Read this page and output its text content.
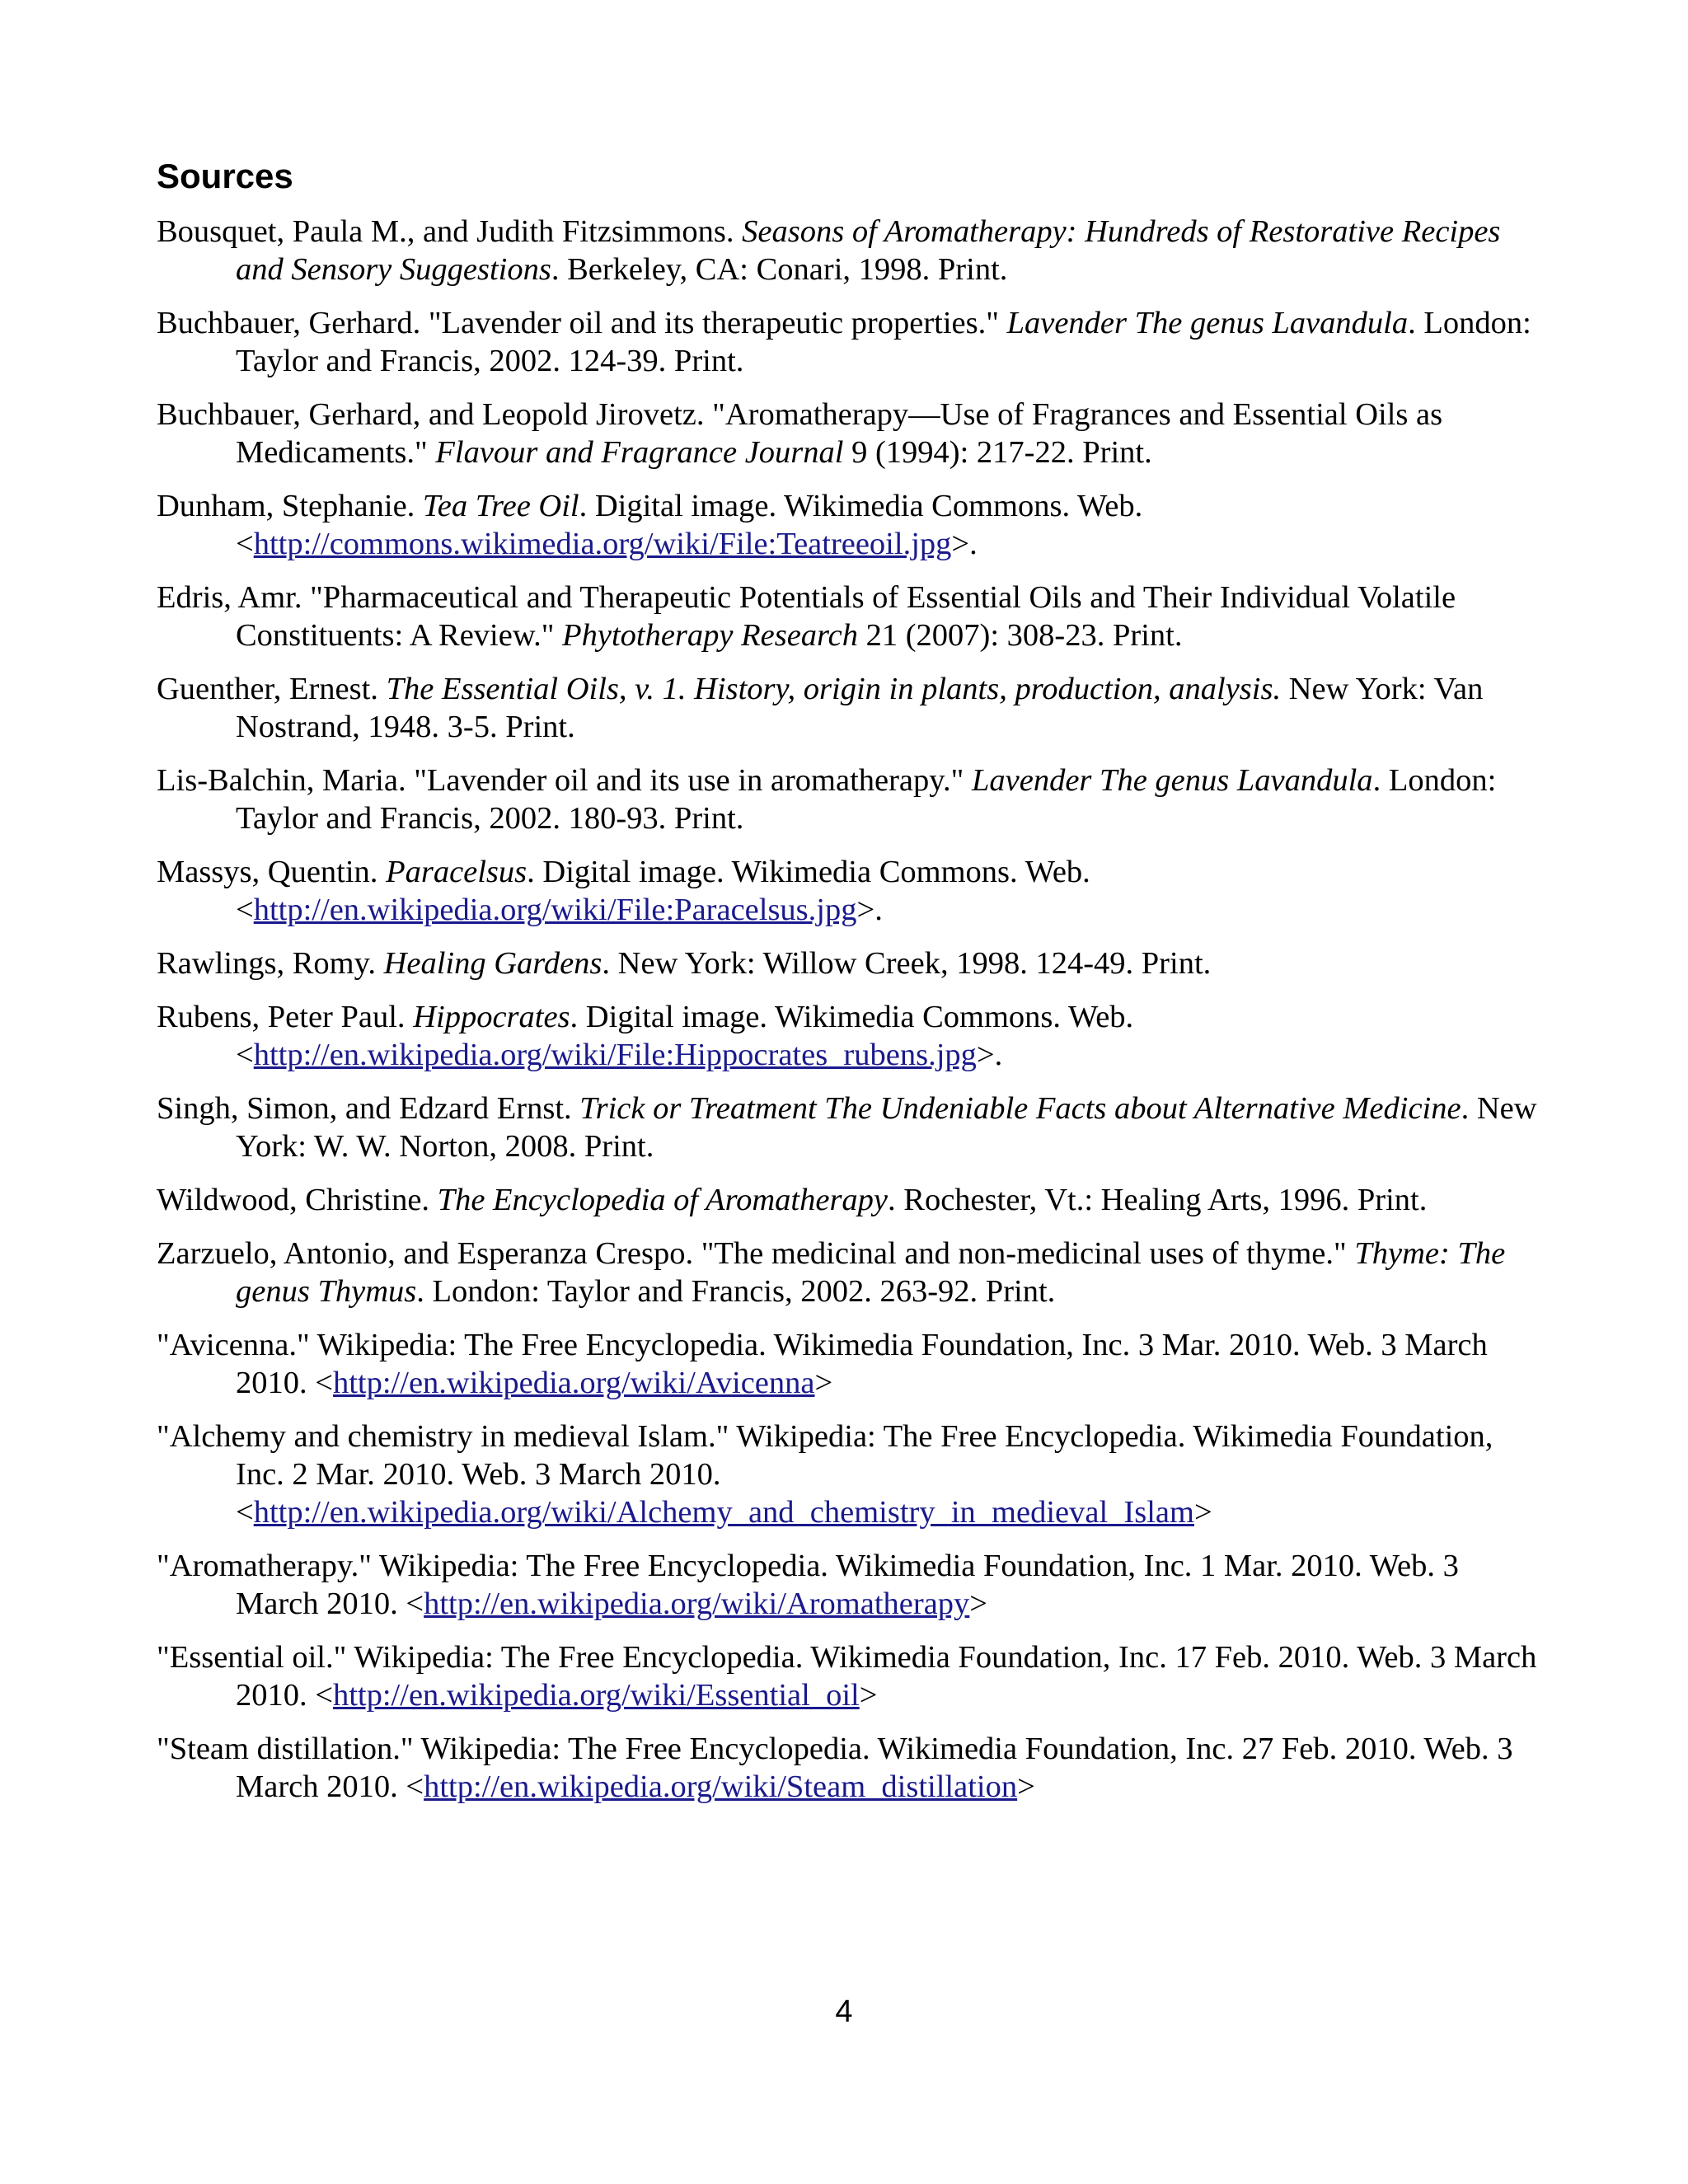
Sources

Bousquet, Paula M., and Judith Fitzsimmons. Seasons of Aromatherapy: Hundreds of Restorative Recipes and Sensory Suggestions. Berkeley, CA: Conari, 1998. Print.

Buchbauer, Gerhard. "Lavender oil and its therapeutic properties." Lavender The genus Lavandula. London: Taylor and Francis, 2002. 124-39. Print.

Buchbauer, Gerhard, and Leopold Jirovetz. "Aromatherapy—Use of Fragrances and Essential Oils as Medicaments." Flavour and Fragrance Journal 9 (1994): 217-22. Print.

Dunham, Stephanie. Tea Tree Oil. Digital image. Wikimedia Commons. Web. <http://commons.wikimedia.org/wiki/File:Teatreeoil.jpg>.

Edris, Amr. "Pharmaceutical and Therapeutic Potentials of Essential Oils and Their Individual Volatile Constituents: A Review." Phytotherapy Research 21 (2007): 308-23. Print.

Guenther, Ernest. The Essential Oils, v. 1. History, origin in plants, production, analysis. New York: Van Nostrand, 1948. 3-5. Print.

Lis-Balchin, Maria. "Lavender oil and its use in aromatherapy." Lavender The genus Lavandula. London: Taylor and Francis, 2002. 180-93. Print.

Massys, Quentin. Paracelsus. Digital image. Wikimedia Commons. Web. <http://en.wikipedia.org/wiki/File:Paracelsus.jpg>.

Rawlings, Romy. Healing Gardens. New York: Willow Creek, 1998. 124-49. Print.

Rubens, Peter Paul. Hippocrates. Digital image. Wikimedia Commons. Web. <http://en.wikipedia.org/wiki/File:Hippocrates_rubens.jpg>.

Singh, Simon, and Edzard Ernst. Trick or Treatment The Undeniable Facts about Alternative Medicine. New York: W. W. Norton, 2008. Print.

Wildwood, Christine. The Encyclopedia of Aromatherapy. Rochester, Vt.: Healing Arts, 1996. Print.

Zarzuelo, Antonio, and Esperanza Crespo. "The medicinal and non-medicinal uses of thyme." Thyme: The genus Thymus. London: Taylor and Francis, 2002. 263-92. Print.

"Avicenna." Wikipedia: The Free Encyclopedia. Wikimedia Foundation, Inc. 3 Mar. 2010. Web. 3 March 2010. <http://en.wikipedia.org/wiki/Avicenna>

"Alchemy and chemistry in medieval Islam." Wikipedia: The Free Encyclopedia. Wikimedia Foundation, Inc. 2 Mar. 2010. Web. 3 March 2010. <http://en.wikipedia.org/wiki/Alchemy_and_chemistry_in_medieval_Islam>

"Aromatherapy." Wikipedia: The Free Encyclopedia. Wikimedia Foundation, Inc. 1 Mar. 2010. Web. 3 March 2010. <http://en.wikipedia.org/wiki/Aromatherapy>

"Essential oil." Wikipedia: The Free Encyclopedia. Wikimedia Foundation, Inc. 17 Feb. 2010. Web. 3 March 2010. <http://en.wikipedia.org/wiki/Essential_oil>

"Steam distillation." Wikipedia: The Free Encyclopedia. Wikimedia Foundation, Inc. 27 Feb. 2010. Web. 3 March 2010. <http://en.wikipedia.org/wiki/Steam_distillation>

4
